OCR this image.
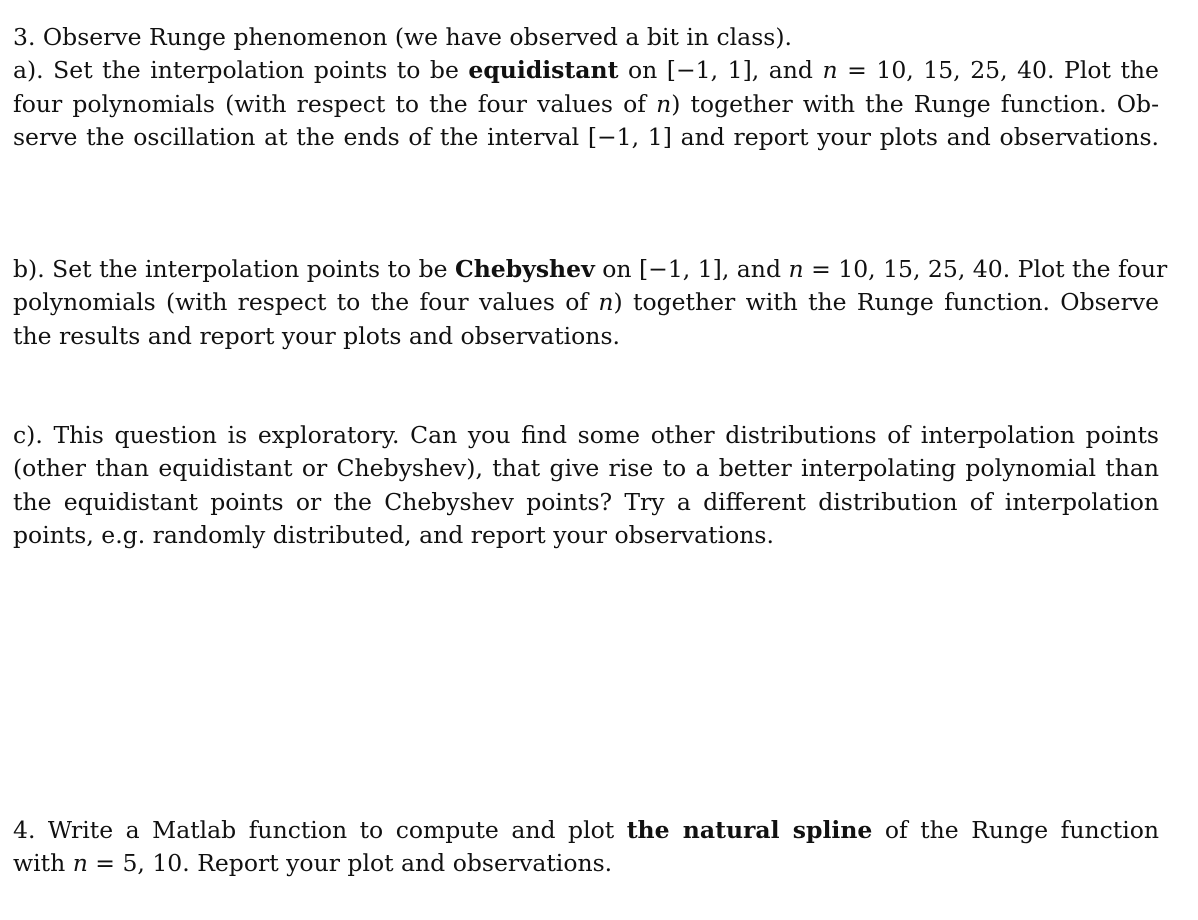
3. Observe Runge phenomenon (we have observed a bit in class).
a). Set the interpolation points to be equidistant on [−1, 1], and n = 10, 15, 25, 40. Plot the
four polynomials (with respect to the four values of n) together with the Runge function. Ob-
serve the oscillation at the ends of the interval [−1, 1] and report your plots and observations.
b). Set the interpolation points to be Chebyshev on [−1, 1], and n = 10, 15, 25, 40. Plot the four
polynomials (with respect to the four values of n) together with the Runge function. Observe
the results and report your plots and observations.
c). This question is exploratory. Can you find some other distributions of interpolation points
(other than equidistant or Chebyshev), that give rise to a better interpolating polynomial than
the equidistant points or the Chebyshev points? Try a different distribution of interpolation
points, e.g. randomly distributed, and report your observations.
4. Write a Matlab function to compute and plot the natural spline of the Runge function
with n = 5, 10. Report your plot and observations.
